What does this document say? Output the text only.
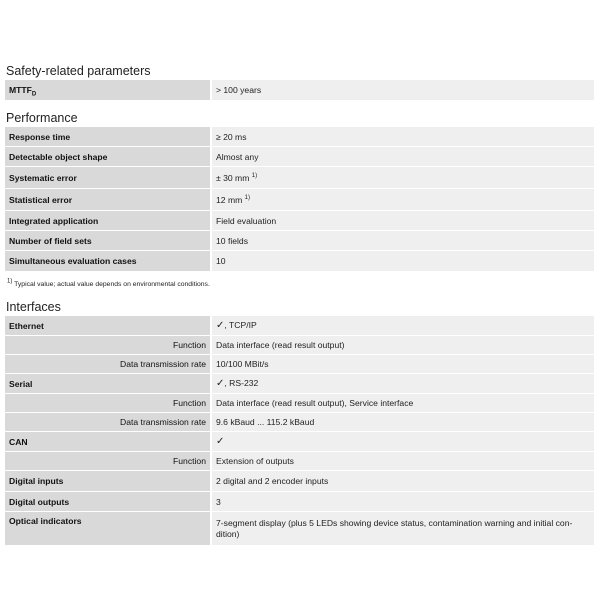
Safety-related parameters
$MTTF_D$	> 100 years
Performance
Response time	≥ 20 ms
Detectable object shape	Almost any
Systematic error	± 30 mm $^{1)}$
Statistical error	12 mm $^{1)}$
Integrated application	Field evaluation
Number of field sets	10 fields
Simultaneous evaluation cases	10
$^{1)}$ Typical value; actual value depends on environmental conditions.
Interfaces
Ethernet	✓, TCP/IP
Function	Data interface (read result output)
Data transmission rate	10/100 MBit/s
Serial	✓, RS-232
Function	Data interface (read result output), Service interface
Data transmission rate	9.6 kBaud ... 115.2 kBaud
CAN	✓
Function	Extension of outputs
Digital inputs	2 digital and 2 encoder inputs
Digital outputs	3
Optical indicators	7-segment display (plus 5 LEDs showing device status, contamination warning and initial con-dition)
